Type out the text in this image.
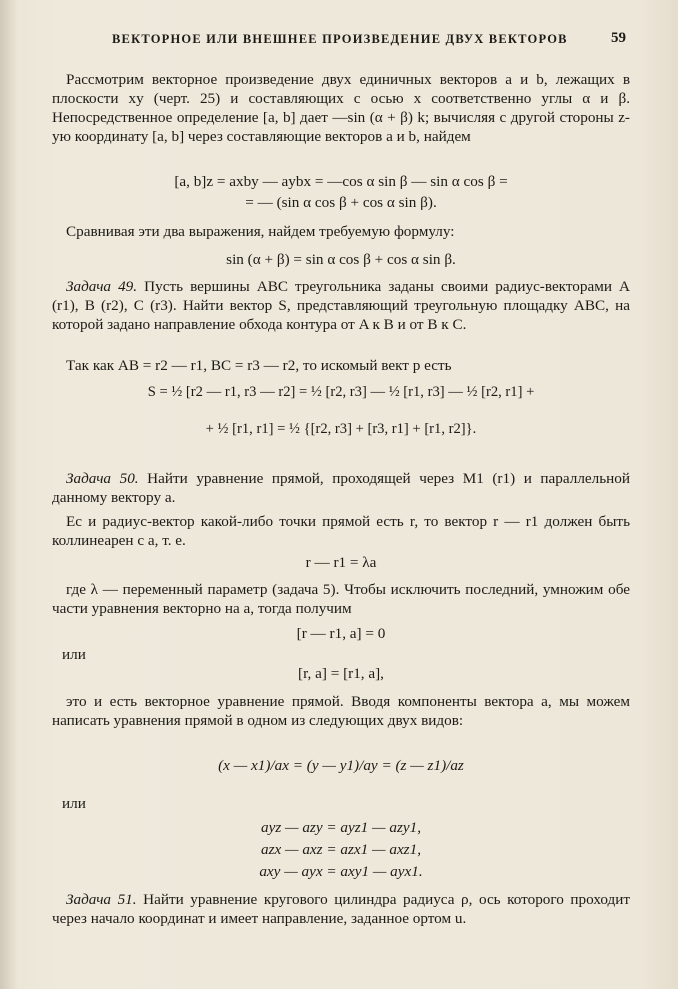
ВЕКТОРНОЕ ИЛИ ВНЕШНЕЕ ПРОИЗВЕДЕНИЕ ДВУХ ВЕКТОРОВ	59
Рассмотрим векторное произведение двух единичных векторов a и b, лежащих в плоскости xy (черт. 25) и составляющих с осью x соответственно углы α и β. Непосредственное определение [a, b] дает —sin (α + β) k; вычисляя с другой стороны z-ую координату [a, b] через составляющие векторов a и b, найдем
[a, b]z = axby — aybx = —cos α sin β — sin α cos β =
= — (sin α cos β + cos α sin β).
Сравнивая эти два выражения, найдем требуемую формулу:
sin (α + β) = sin α cos β + cos α sin β.
Задача 49. Пусть вершины ABC треугольника заданы своими радиус-векторами A (r1), B (r2), C (r3). Найти вектор S, представляющий треугольную площадку ABC, на которой задано направление обхода контура от A к B и от B к C.
Так как AB = r2 — r1, BC = r3 — r2, то искомый вект р есть
S = ½ [r2 — r1, r3 — r2] = ½ [r2, r3] — ½ [r1, r3] — ½ [r2, r1] +
+ ½ [r1, r1] = ½ {[r2, r3] + [r3, r1] + [r1, r2]}.
Задача 50. Найти уравнение прямой, проходящей через M1 (r1) и параллельной данному вектору a.
Ес и радиус-вектор какой-либо точки прямой есть r, то вектор r — r1 должен быть коллинеарен с a, т. е.
r — r1 = λa
где λ — переменный параметр (задача 5). Чтобы исключить последний, умножим обе части уравнения векторно на a, тогда получим
[r — r1, a] = 0
или
[r, a] = [r1, a],
это и есть векторное уравнение прямой. Вводя компоненты вектора a, мы можем написать уравнения прямой в одном из следующих двух видов:
(x — x1)/ax = (y — y1)/ay = (z — z1)/az
или
ayz — azy = ayz1 — azy1,
azx — axz = azx1 — axz1,
axy — ayx = axy1 — ayx1.
Задача 51. Найти уравнение кругового цилиндра радиуса ρ, ось которого проходит через начало координат и имеет направление, заданное ортом u.
